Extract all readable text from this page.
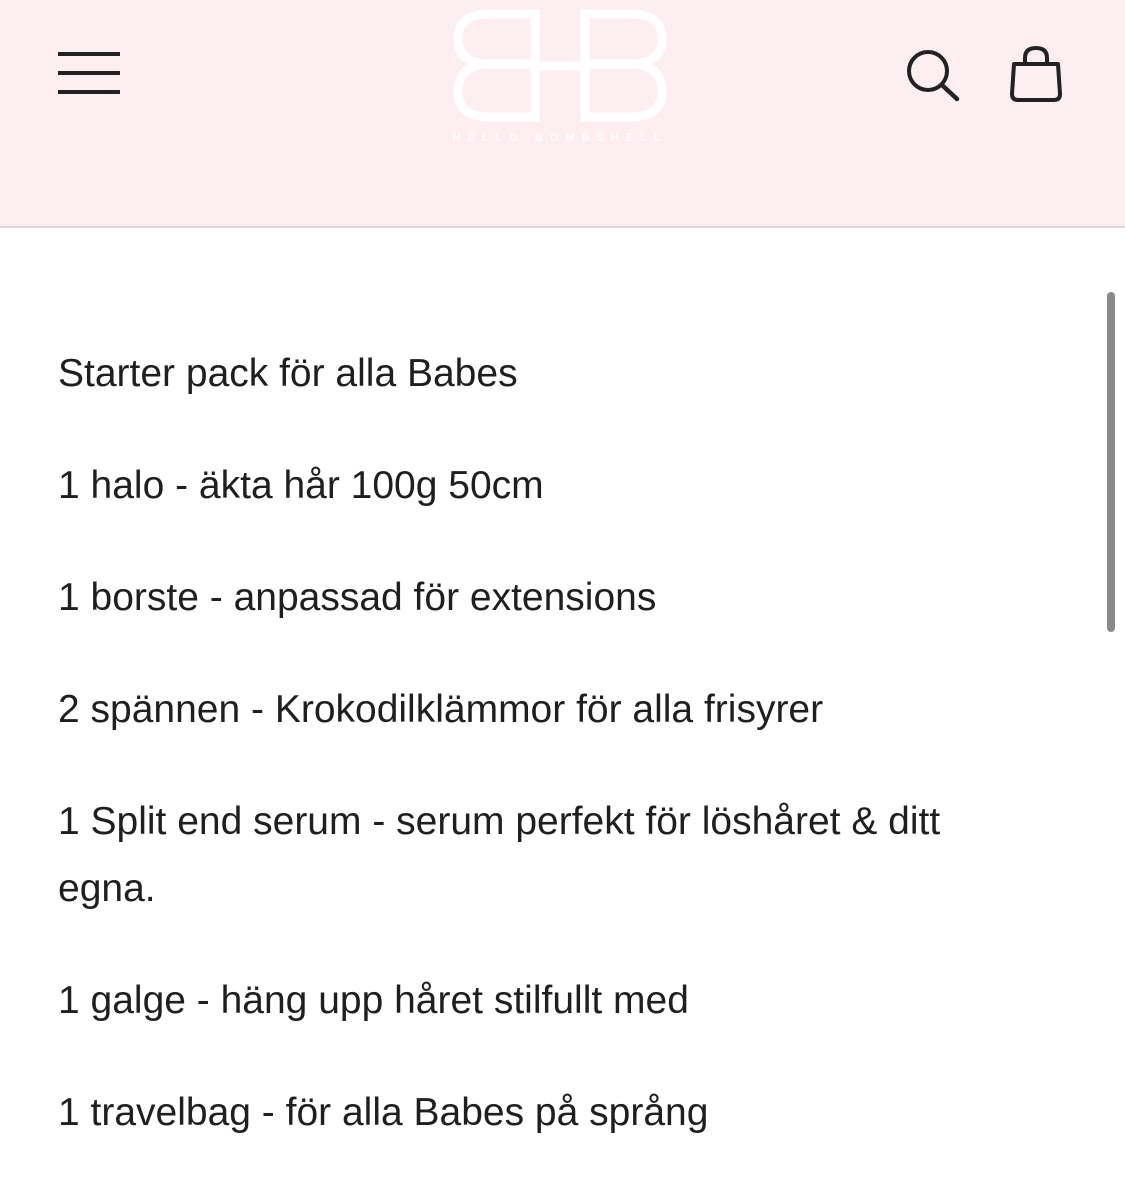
HELLO BOMBSHELL

Starter pack för alla Babes

1 halo - äkta hår 100g 50cm

1 borste - anpassad för extensions

2 spännen - Krokodilklämmor för alla frisyrer

1 Split end serum - serum perfekt för löshåret & ditt egna.

1 galge - häng upp håret stilfullt med

1 travelbag - för alla Babes på språng
